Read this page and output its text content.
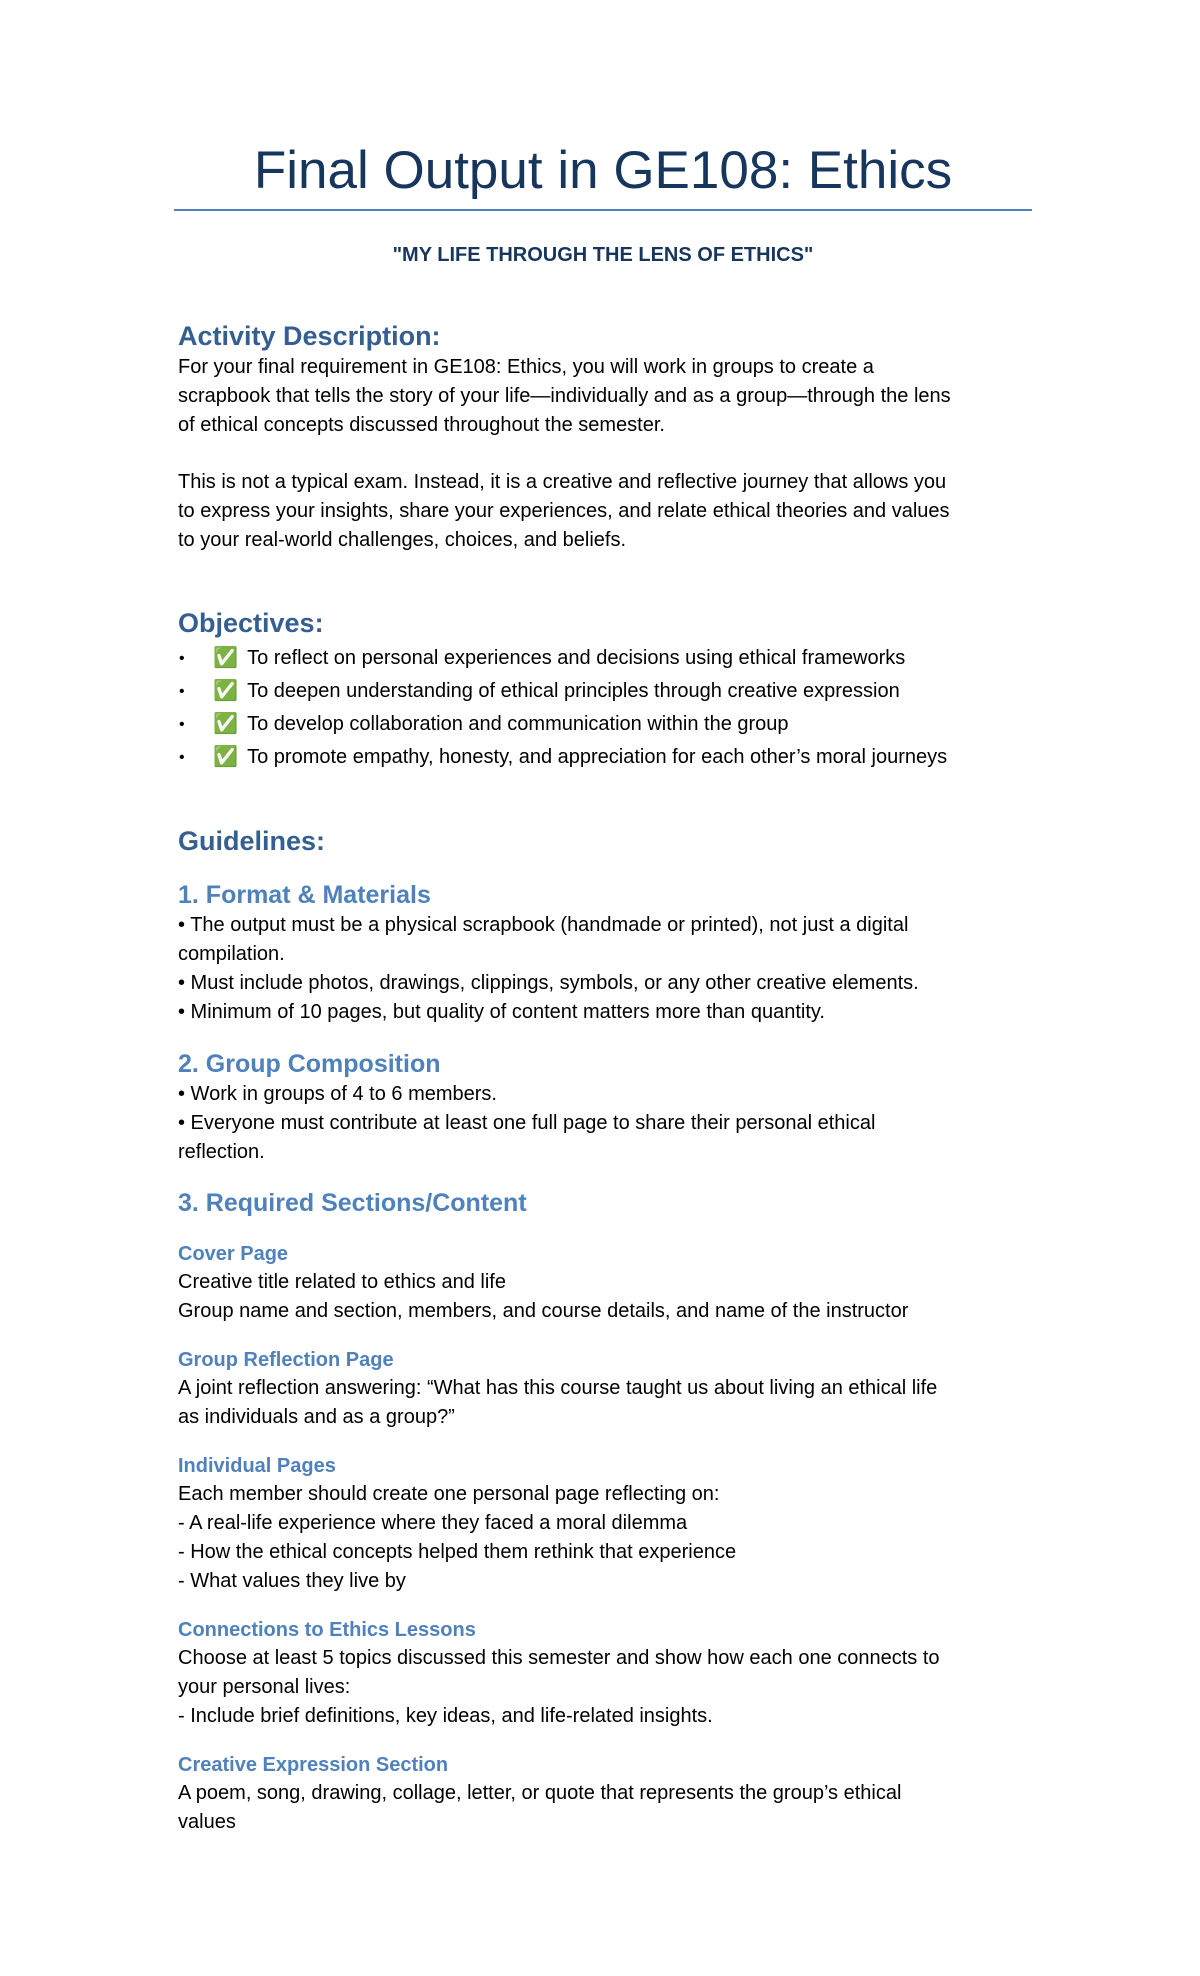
Final Output in GE108: Ethics
"MY LIFE THROUGH THE LENS OF ETHICS"
Activity Description:
For your final requirement in GE108: Ethics, you will work in groups to create a
scrapbook that tells the story of your life—individually and as a group—through the lens
of ethical concepts discussed throughout the semester.
This is not a typical exam. Instead, it is a creative and reflective journey that allows you
to express your insights, share your experiences, and relate ethical theories and values
to your real-world challenges, choices, and beliefs.
Objectives:
• ✅ To reflect on personal experiences and decisions using ethical frameworks
• ✅ To deepen understanding of ethical principles through creative expression
• ✅ To develop collaboration and communication within the group
• ✅ To promote empathy, honesty, and appreciation for each other’s moral journeys
Guidelines:
1. Format & Materials
• The output must be a physical scrapbook (handmade or printed), not just a digital
compilation.
• Must include photos, drawings, clippings, symbols, or any other creative elements.
• Minimum of 10 pages, but quality of content matters more than quantity.
2. Group Composition
• Work in groups of 4 to 6 members.
• Everyone must contribute at least one full page to share their personal ethical
reflection.
3. Required Sections/Content
Cover Page
Creative title related to ethics and life
Group name and section, members, and course details, and name of the instructor
Group Reflection Page
A joint reflection answering: “What has this course taught us about living an ethical life
as individuals and as a group?”
Individual Pages
Each member should create one personal page reflecting on:
- A real-life experience where they faced a moral dilemma
- How the ethical concepts helped them rethink that experience
- What values they live by
Connections to Ethics Lessons
Choose at least 5 topics discussed this semester and show how each one connects to
your personal lives:
- Include brief definitions, key ideas, and life-related insights.
Creative Expression Section
A poem, song, drawing, collage, letter, or quote that represents the group’s ethical
values
